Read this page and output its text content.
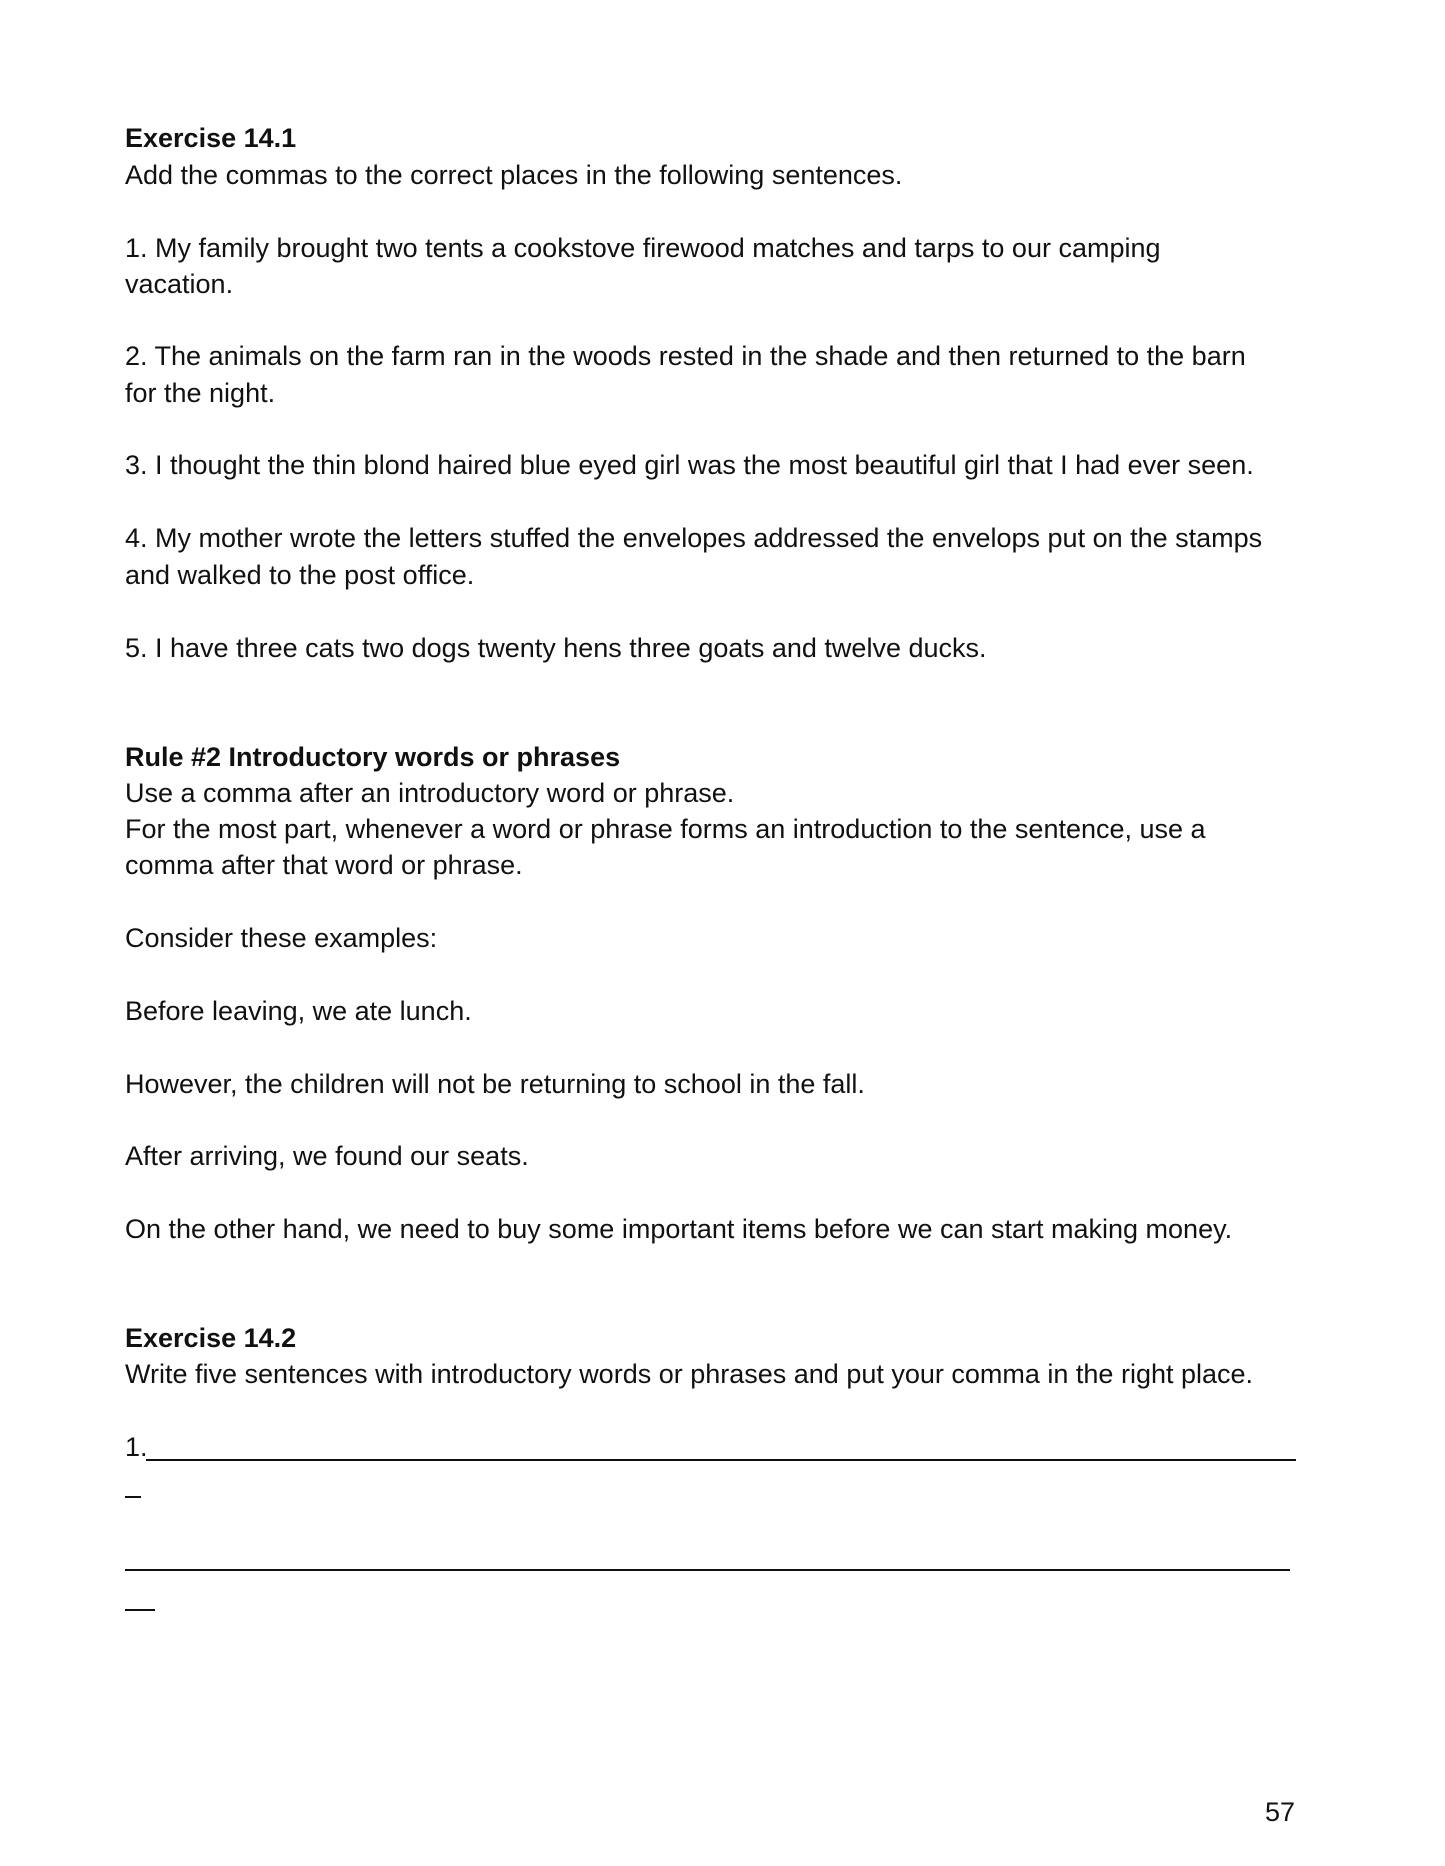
Exercise 14.1
Add the commas to the correct places in the following sentences.
1. My family brought two tents a cookstove firewood matches and tarps to our camping
vacation.
2. The animals on the farm ran in the woods rested in the shade and then returned to the barn
for the night.
3. I thought the thin blond haired blue eyed girl was the most beautiful girl that I had ever seen.
4. My mother wrote the letters stuffed the envelopes addressed the envelops put on the stamps
and walked to the post office.
5. I have three cats two dogs twenty hens three goats and twelve ducks.
Rule #2 Introductory words or phrases
Use a comma after an introductory word or phrase.
For the most part, whenever a word or phrase forms an introduction to the sentence, use a
comma after that word or phrase.
Consider these examples:
Before leaving, we ate lunch.
However, the children will not be returning to school in the fall.
After arriving, we found our seats.
On the other hand, we need to buy some important items before we can start making money.
Exercise 14.2
Write five sentences with introductory words or phrases and put your comma in the right place.
1.
57
